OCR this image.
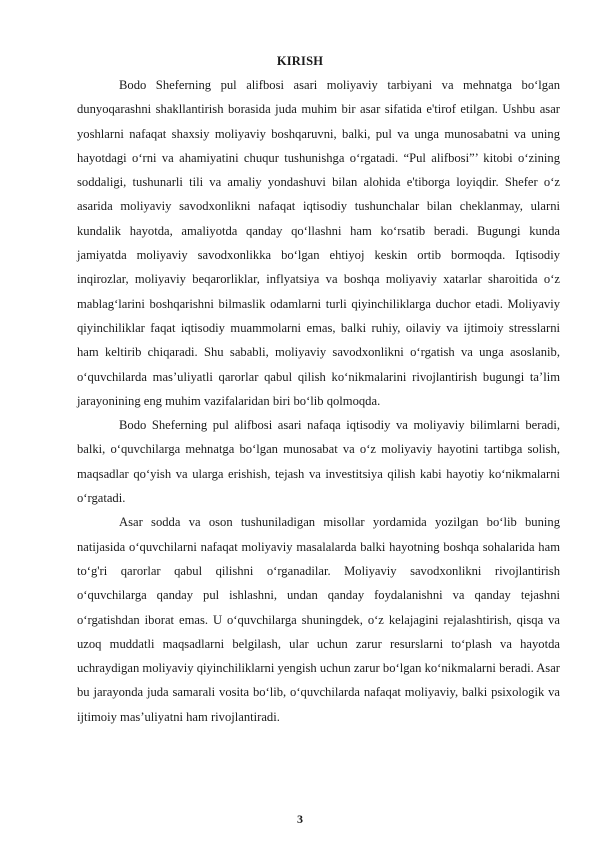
KIRISH

Bodo Sheferning pul alifbosi asari moliyaviy tarbiyani va mehnatga bo‘lgan dunyoqarashni shakllantirish borasida juda muhim bir asar sifatida e'tirof etilgan. Ushbu asar yoshlarni nafaqat shaxsiy moliyaviy boshqaruvni, balki, pul va unga munosabatni va uning hayotdagi o‘rni va ahamiyatini chuqur tushunishga o‘rgatadi. “Pul alifbosi”’ kitobi o‘zining soddaligi, tushunarli tili va amaliy yondashuvi bilan alohida e'tiborga loyiqdir. Shefer o‘z asarida moliyaviy savodxonlikni nafaqat iqtisodiy tushunchalar bilan cheklanmay, ularni kundalik hayotda, amaliyotda qanday qo‘llashni ham ko‘rsatib beradi. Bugungi kunda jamiyatda moliyaviy savodxonlikka bo‘lgan ehtiyoj keskin ortib bormoqda. Iqtisodiy inqirozlar, moliyaviy beqarorliklar, inflyatsiya va boshqa moliyaviy xatarlar sharoitida o‘z mablag‘larini boshqarishni bilmaslik odamlarni turli qiyinchiliklarga duchor etadi. Moliyaviy qiyinchiliklar faqat iqtisodiy muammolarni emas, balki ruhiy, oilaviy va ijtimoiy stresslarni ham keltirib chiqaradi. Shu sababli, moliyaviy savodxonlikni o‘rgatish va unga asoslanib, o‘quvchilarda mas’uliyatli qarorlar qabul qilish ko‘nikmalarini rivojlantirish bugungi ta’lim jarayonining eng muhim vazifalaridan biri bo‘lib qolmoqda.

Bodo Sheferning pul alifbosi asari nafaqa iqtisodiy va moliyaviy bilimlarni beradi, balki, o‘quvchilarga mehnatga bo‘lgan munosabat va o‘z moliyaviy hayotini tartibga solish, maqsadlar qo‘yish va ularga erishish, tejash va investitsiya qilish kabi hayotiy ko‘nikmalarni o‘rgatadi.

Asar sodda va oson tushuniladigan misollar yordamida yozilgan bo‘lib buning natijasida o‘quvchilarni nafaqat moliyaviy masalalarda balki hayotning boshqa sohalarida ham to‘g'ri qarorlar qabul qilishni o‘rganadilar. Moliyaviy savodxonlikni rivojlantirish o‘quvchilarga qanday pul ishlashni, undan qanday foydalanishni va qanday tejashni o‘rgatishdan iborat emas. U o‘quvchilarga shuningdek, o‘z kelajagini rejalashtirish, qisqa va uzoq muddatli maqsadlarni belgilash, ular uchun zarur resurslarni to‘plash va hayotda uchraydigan moliyaviy qiyinchiliklarni yengish uchun zarur bo‘lgan ko‘nikmalarni beradi. Asar bu jarayonda juda samarali vosita bo‘lib, o‘quvchilarda nafaqat moliyaviy, balki psixologik va ijtimoiy mas’uliyatni ham rivojlantiradi.

3
